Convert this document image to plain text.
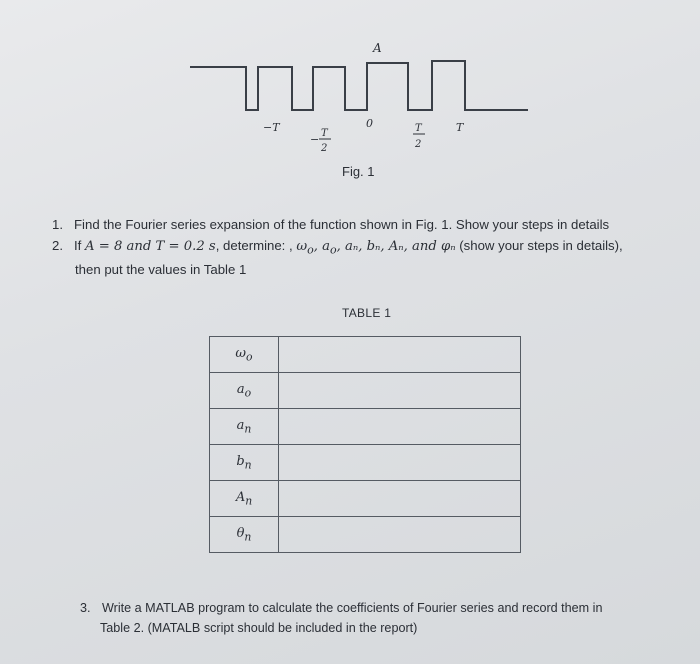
A
−T
− T
2
0	T
2
T
Fig. 1
1. Find the Fourier series expansion of the function shown in Fig. 1. Show your steps in details
2. If A = 8 and T = 0.2 s, determine: , $\omega_o$, $a_o$, aₙ, bₙ, Aₙ, and φₙ (show your steps in details),
then put the values in Table 1
TABLE 1
$\omega_o$	
$a_o$	
$a_n$	
$b_n$	
$A_n$	
$\theta_n$	
3. Write a MATLAB program to calculate the coefficients of Fourier series and record them in
Table 2. (MATALB script should be included in the report)
